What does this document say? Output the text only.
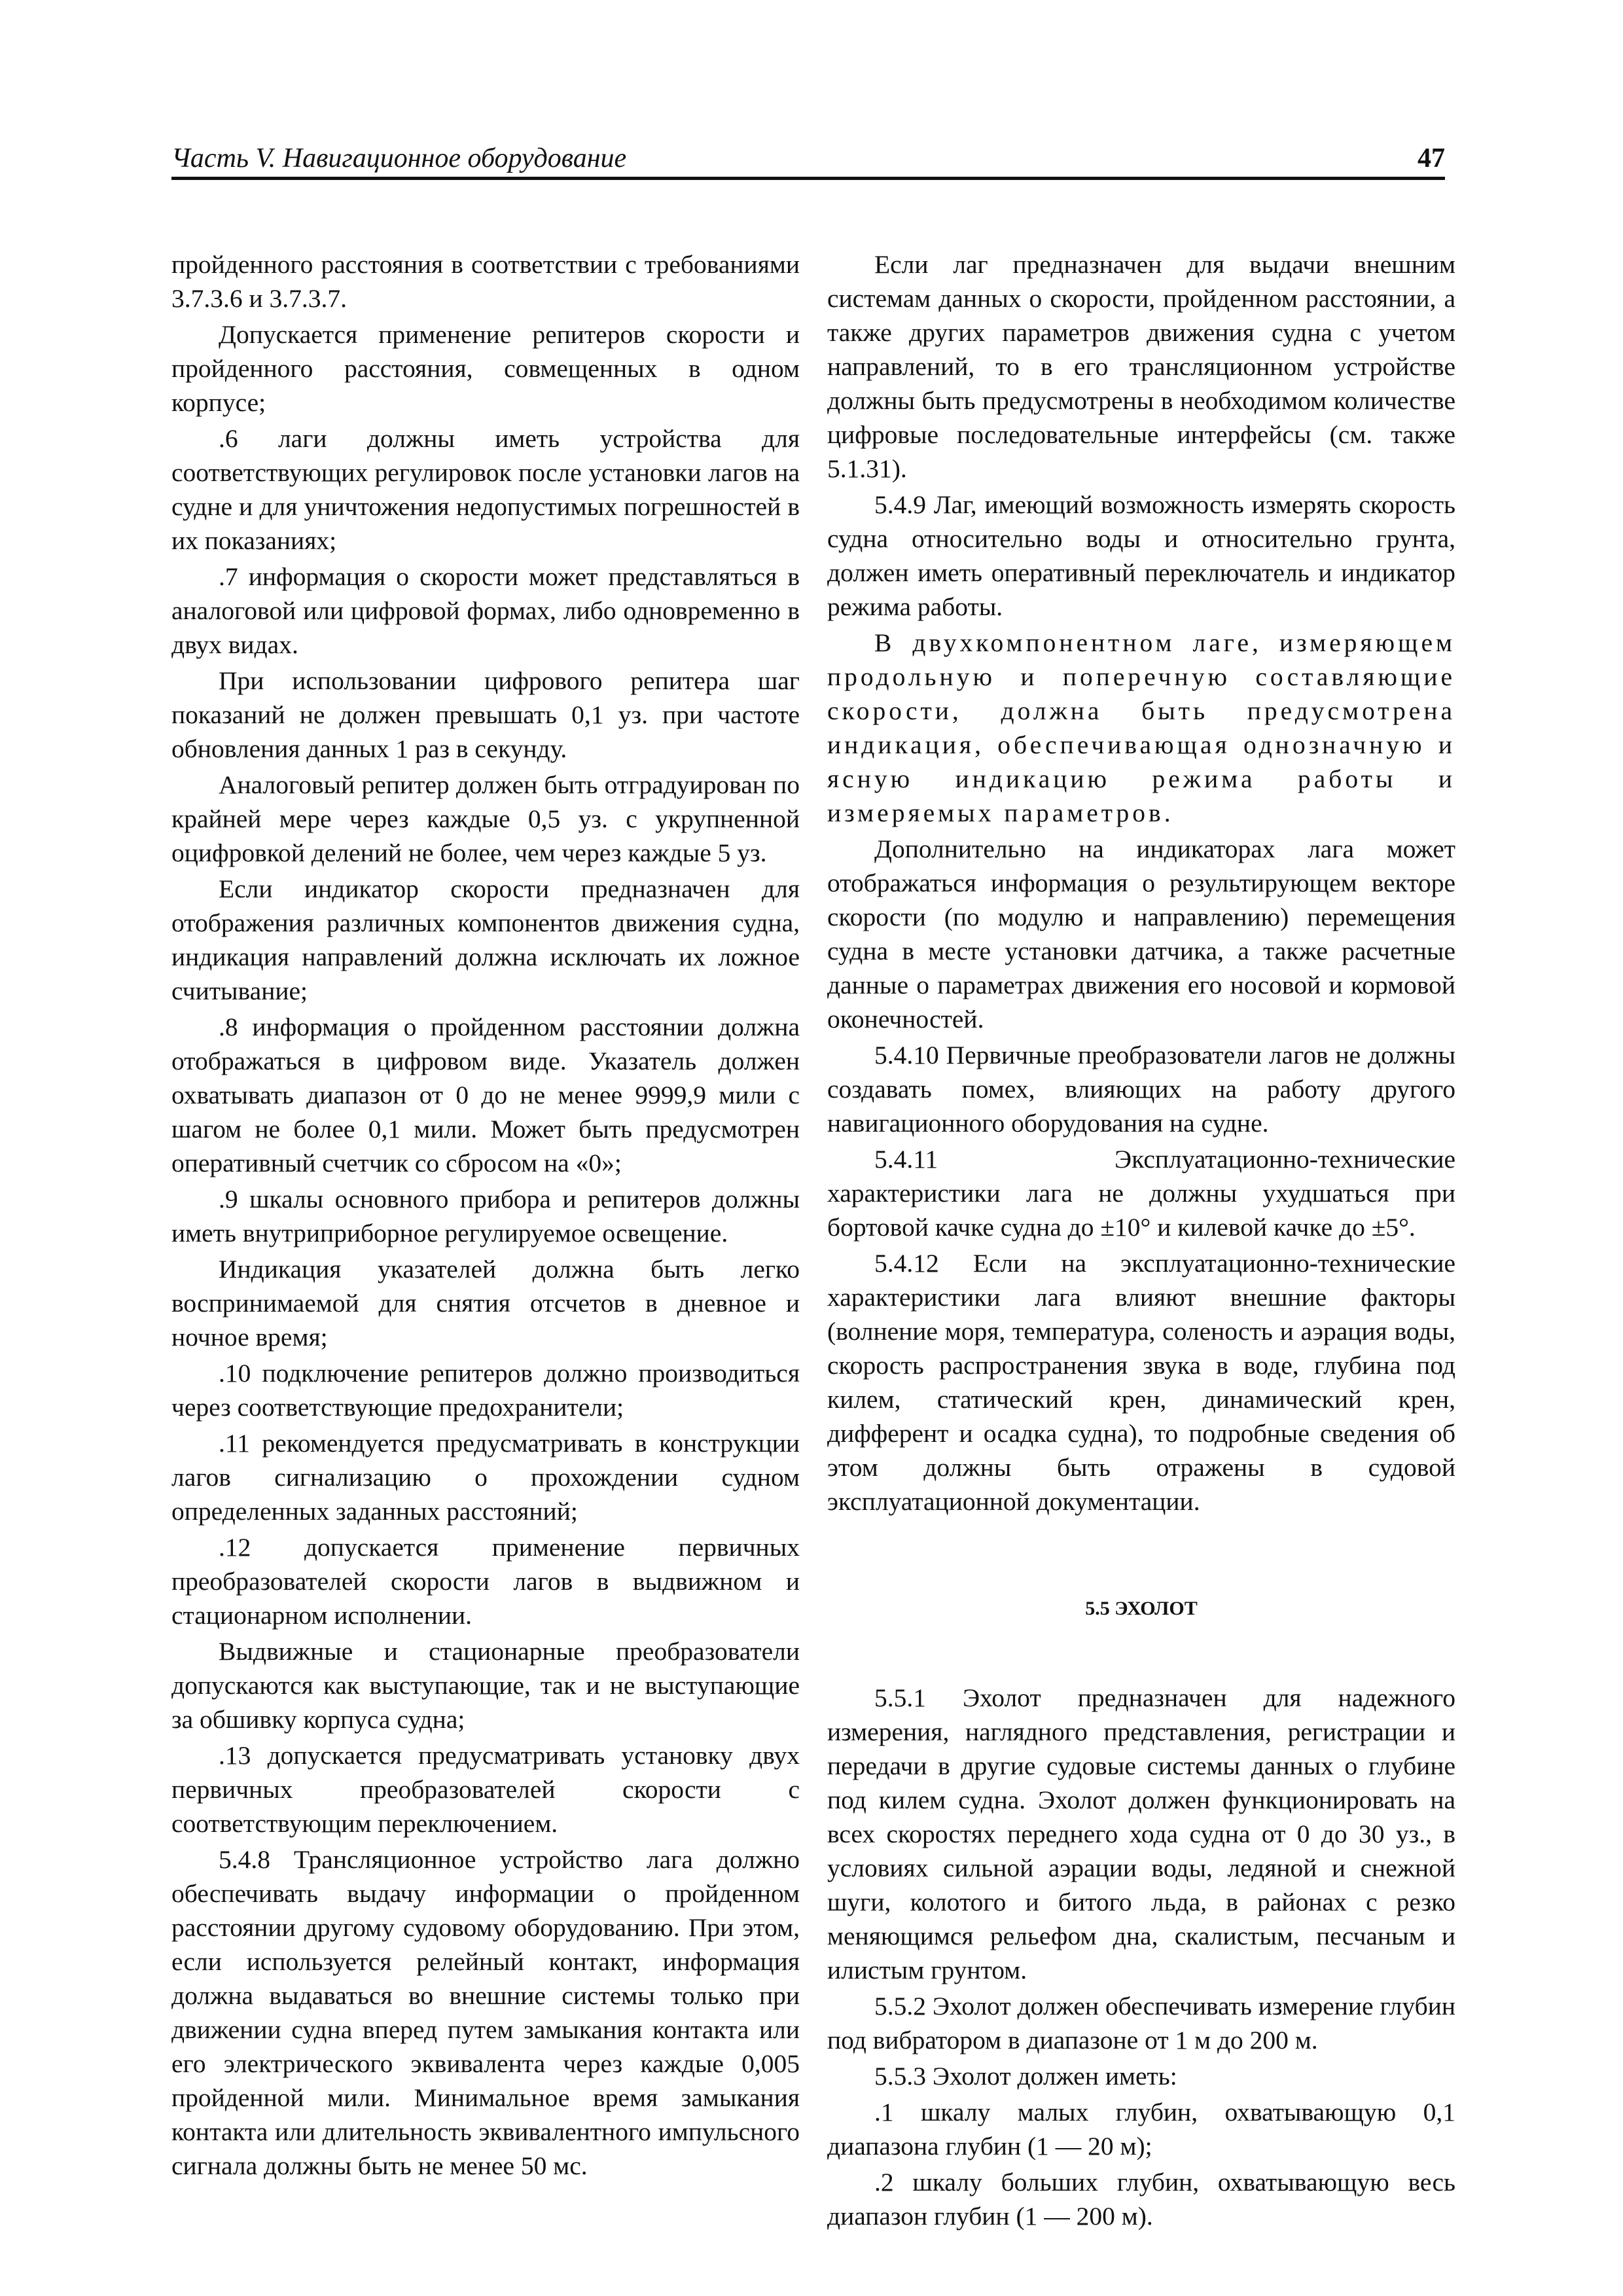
Часть V. Навигационное оборудование	47

пройденного расстояния в соответствии с требованиями 3.7.3.6 и 3.7.3.7.

Допускается применение репитеров скорости и пройденного расстояния, совмещенных в одном корпусе;

.6 лаги должны иметь устройства для соответствующих регулировок после установки лагов на судне и для уничтожения недопустимых погрешностей в их показаниях;

.7 информация о скорости может представляться в аналоговой или цифровой формах, либо одновременно в двух видах.

При использовании цифрового репитера шаг показаний не должен превышать 0,1 уз. при частоте обновления данных 1 раз в секунду.

Аналоговый репитер должен быть отградуирован по крайней мере через каждые 0,5 уз. с укрупненной оцифровкой делений не более, чем через каждые 5 уз.

Если индикатор скорости предназначен для отображения различных компонентов движения судна, индикация направлений должна исключать их ложное считывание;

.8 информация о пройденном расстоянии должна отображаться в цифровом виде. Указатель должен охватывать диапазон от 0 до не менее 9999,9 мили с шагом не более 0,1 мили. Может быть предусмотрен оперативный счетчик со сбросом на «0»;

.9 шкалы основного прибора и репитеров должны иметь внутриприборное регулируемое освещение.

Индикация указателей должна быть легко воспринимаемой для снятия отсчетов в дневное и ночное время;

.10 подключение репитеров должно производиться через соответствующие предохранители;

.11 рекомендуется предусматривать в конструкции лагов сигнализацию о прохождении судном определенных заданных расстояний;

.12 допускается применение первичных преобразователей скорости лагов в выдвижном и стационарном исполнении.

Выдвижные и стационарные преобразователи допускаются как выступающие, так и не выступающие за обшивку корпуса судна;

.13 допускается предусматривать установку двух первичных преобразователей скорости с соответствующим переключением.

5.4.8 Трансляционное устройство лага должно обеспечивать выдачу информации о пройденном расстоянии другому судовому оборудованию. При этом, если используется релейный контакт, информация должна выдаваться во внешние системы только при движении судна вперед путем замыкания контакта или его электрического эквивалента через каждые 0,005 пройденной мили. Минимальное время замыкания контакта или длительность эквивалентного импульсного сигнала должны быть не менее 50 мс.

Если лаг предназначен для выдачи внешним системам данных о скорости, пройденном расстоянии, а также других параметров движения судна с учетом направлений, то в его трансляционном устройстве должны быть предусмотрены в необходимом количестве цифровые последовательные интерфейсы (см. также 5.1.31).

5.4.9 Лаг, имеющий возможность измерять скорость судна относительно воды и относительно грунта, должен иметь оперативный переключатель и индикатор режима работы.

В двухкомпонентном лаге, измеряющем продольную и поперечную составляющие скорости, должна быть предусмотрена индикация, обеспечивающая однозначную и ясную индикацию режима работы и измеряемых параметров.

Дополнительно на индикаторах лага может отображаться информация о результирующем векторе скорости (по модулю и направлению) перемещения судна в месте установки датчика, а также расчетные данные о параметрах движения его носовой и кормовой оконечностей.

5.4.10 Первичные преобразователи лагов не должны создавать помех, влияющих на работу другого навигационного оборудования на судне.

5.4.11 Эксплуатационно-технические характеристики лага не должны ухудшаться при бортовой качке судна до ±10° и килевой качке до ±5°.

5.4.12 Если на эксплуатационно-технические характеристики лага влияют внешние факторы (волнение моря, температура, соленость и аэрация воды, скорость распространения звука в воде, глубина под килем, статический крен, динамический крен, дифферент и осадка судна), то подробные сведения об этом должны быть отражены в судовой эксплуатационной документации.

5.5 ЭХОЛОТ

5.5.1 Эхолот предназначен для надежного измерения, наглядного представления, регистрации и передачи в другие судовые системы данных о глубине под килем судна. Эхолот должен функционировать на всех скоростях переднего хода судна от 0 до 30 уз., в условиях сильной аэрации воды, ледяной и снежной шуги, колотого и битого льда, в районах с резко меняющимся рельефом дна, скалистым, песчаным и илистым грунтом.

5.5.2 Эхолот должен обеспечивать измерение глубин под вибратором в диапазоне от 1 м до 200 м.

5.5.3 Эхолот должен иметь:

.1 шкалу малых глубин, охватывающую 0,1 диапазона глубин (1 — 20 м);

.2 шкалу больших глубин, охватывающую весь диапазон глубин (1 — 200 м).
